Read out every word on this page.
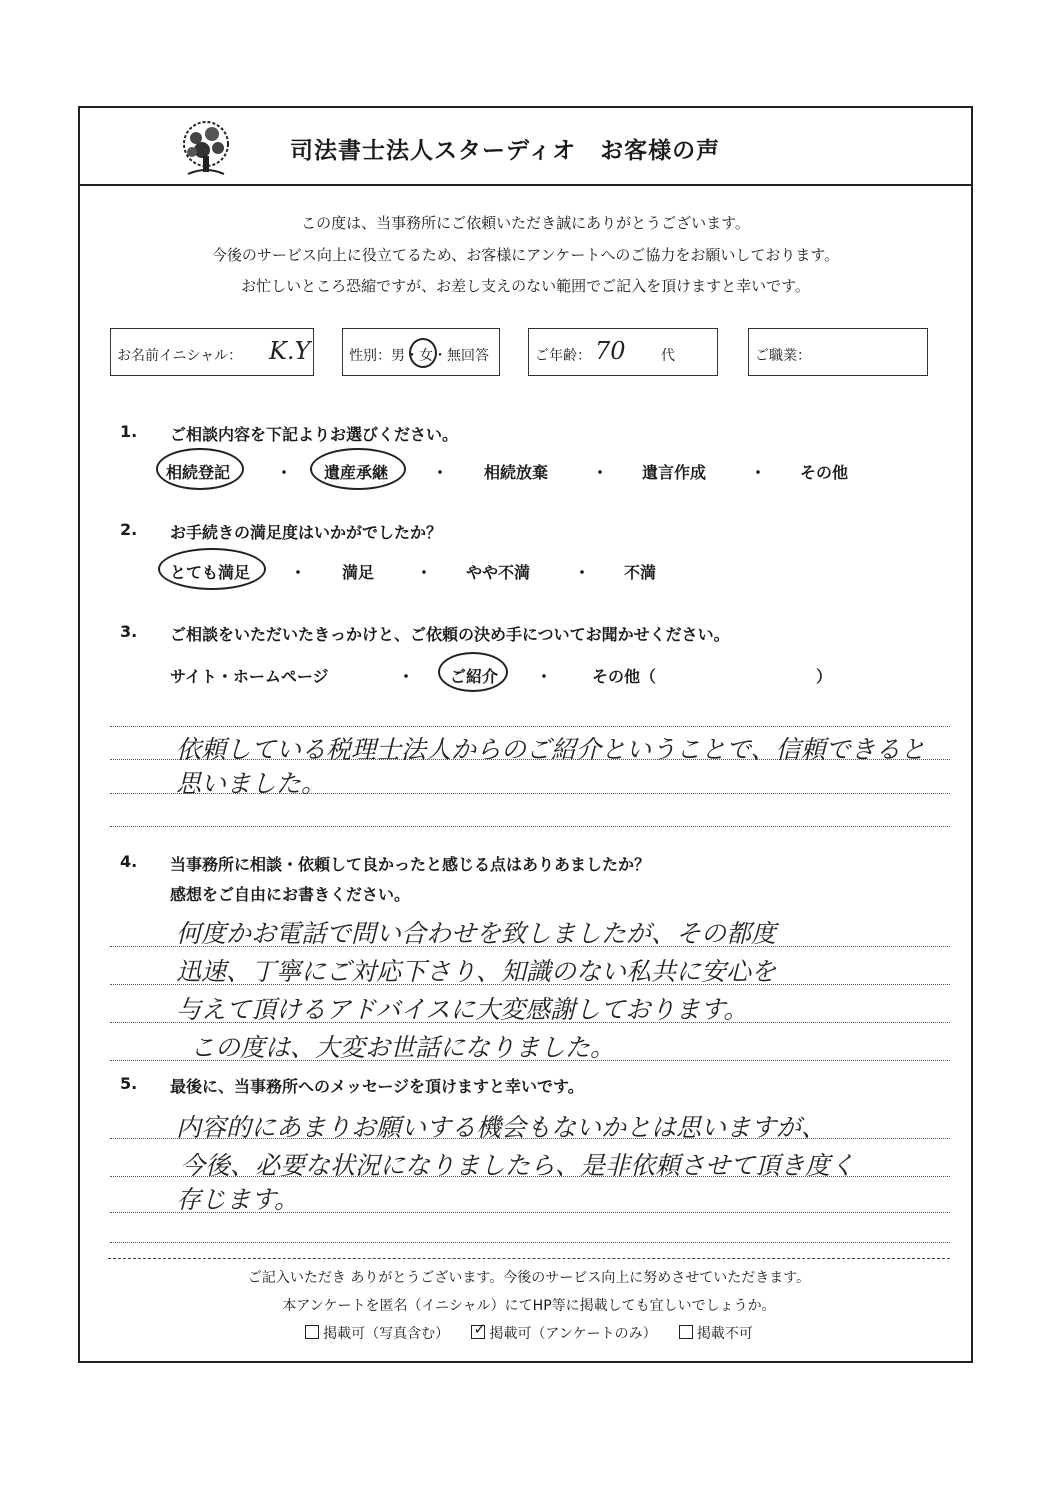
司法書士法人スターディオ　お客様の声
この度は、当事務所にご依頼いただき誠にありがとうございます。
今後のサービス向上に役立てるため、お客様にアンケートへのご協力をお願いしております。
お忙しいところ恐縮ですが、お差し支えのない範囲でご記入を頂けますと幸いです。
お名前イニシャル： K.Y	性別：男・女・無回答	ご年齢： 70	代	ご職業：
1. ご相談内容を下記よりお選びください。
相続登記	・ 遺産承継	・ 相続放棄	・ 遺言作成	・ その他
2. お手続きの満足度はいかがでしたか？
とても満足 ・ 満足	・ やや不満	・ 不満
3. ご相談をいただいたきっかけと、ご依頼の決め手についてお聞かせください。
サイト・ホームページ	・ ご紹介 ・ その他（	）
依頼している税理士法人からのご紹介ということで、信頼できると
思いました。
4. 当事務所に相談・依頼して良かったと感じる点はありあましたか？
感想をご自由にお書きください。
何度かお電話で問い合わせを致しましたが、その都度
迅速、丁寧にご対応下さり、知識のない私共に安心を
与えて頂けるアドバイスに大変感謝しております。
この度は、大変お世話になりました。
5. 最後に、当事務所へのメッセージを頂けますと幸いです。
内容的にあまりお願いする機会もないかとは思いますが、
今後、必要な状況になりましたら、是非依頼させて頂き度く
存じます。
ご記入いただき ありがとうございます。今後のサービス向上に努めさせていただきます。
本アンケートを匿名（イニシャル）にてHP等に掲載しても宜しいでしょうか。
掲載可（写真含む） ✓ 掲載可（アンケートのみ）	掲載不可
